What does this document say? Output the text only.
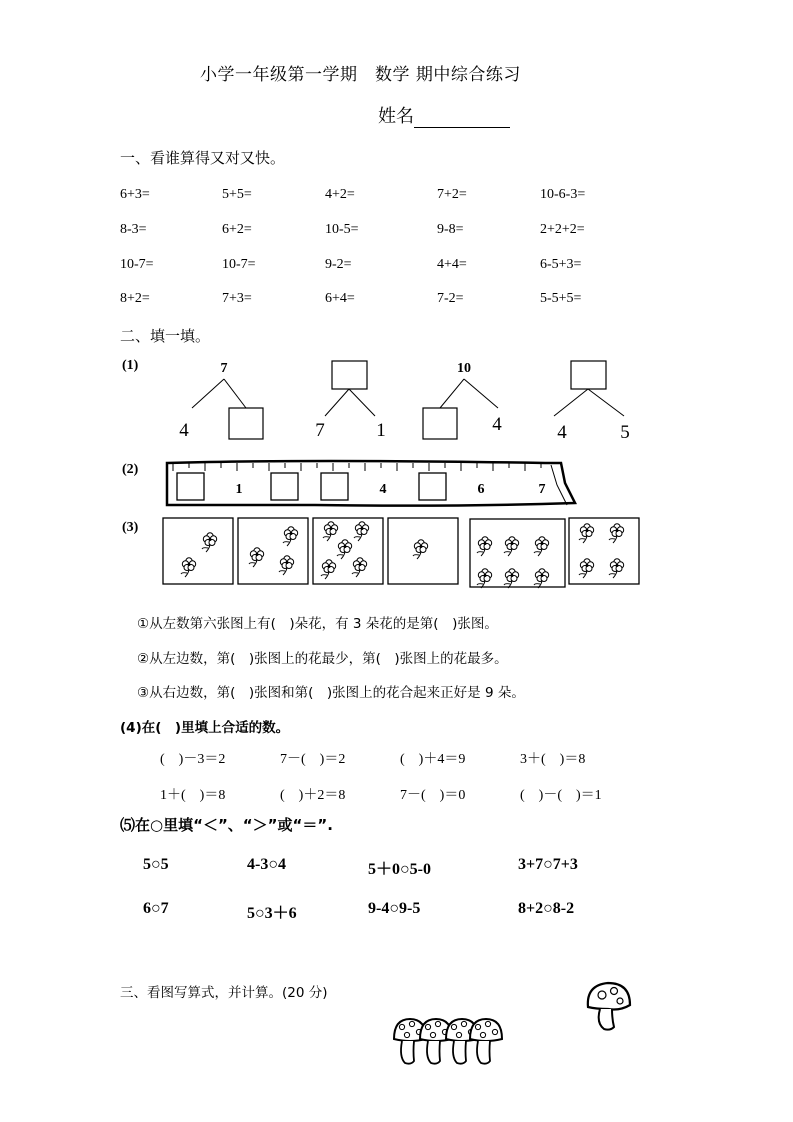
小学一年级第一学期　数学 期中综合练习
姓名
一、看谁算得又对又快。
二、填一填。
(1)	7
4	7	1
10
4	4	5
(2)
1	4	6	7
(3)
①从左数第六张图上有(　)朵花，有 3 朵花的是第(　)张图。
②从左边数，第(　)张图上的花最少，第(　)张图上的花最多。
③从右边数，第(　)张图和第(　)张图上的花合起来正好是 9 朵。
(4)在(　)里填上合适的数。
⑸在○里填“＜”、“＞”或“＝”.
三、看图写算式，并计算。(20 分)
6+3=	5+5=	4+2=	7+2=	10-6-3=
8-3=	6+2=	10-5=	9-8=	2+2+2=
10-7=	10-7=	9-2=	4+4=	6-5+3=
8+2=	7+3=	6+4=	7-2=	5-5+5=
(　)－3＝2	7－(　)＝2	(　)＋4＝9	3＋(　)＝8
1＋(　)＝8	(　)＋2＝8	7－(　)＝0	(　)－(　)＝1
5○5	4-3○4	5＋0○5-0	3+7○7+3
6○7	5○3＋6	9-4○9-5	8+2○8-2
